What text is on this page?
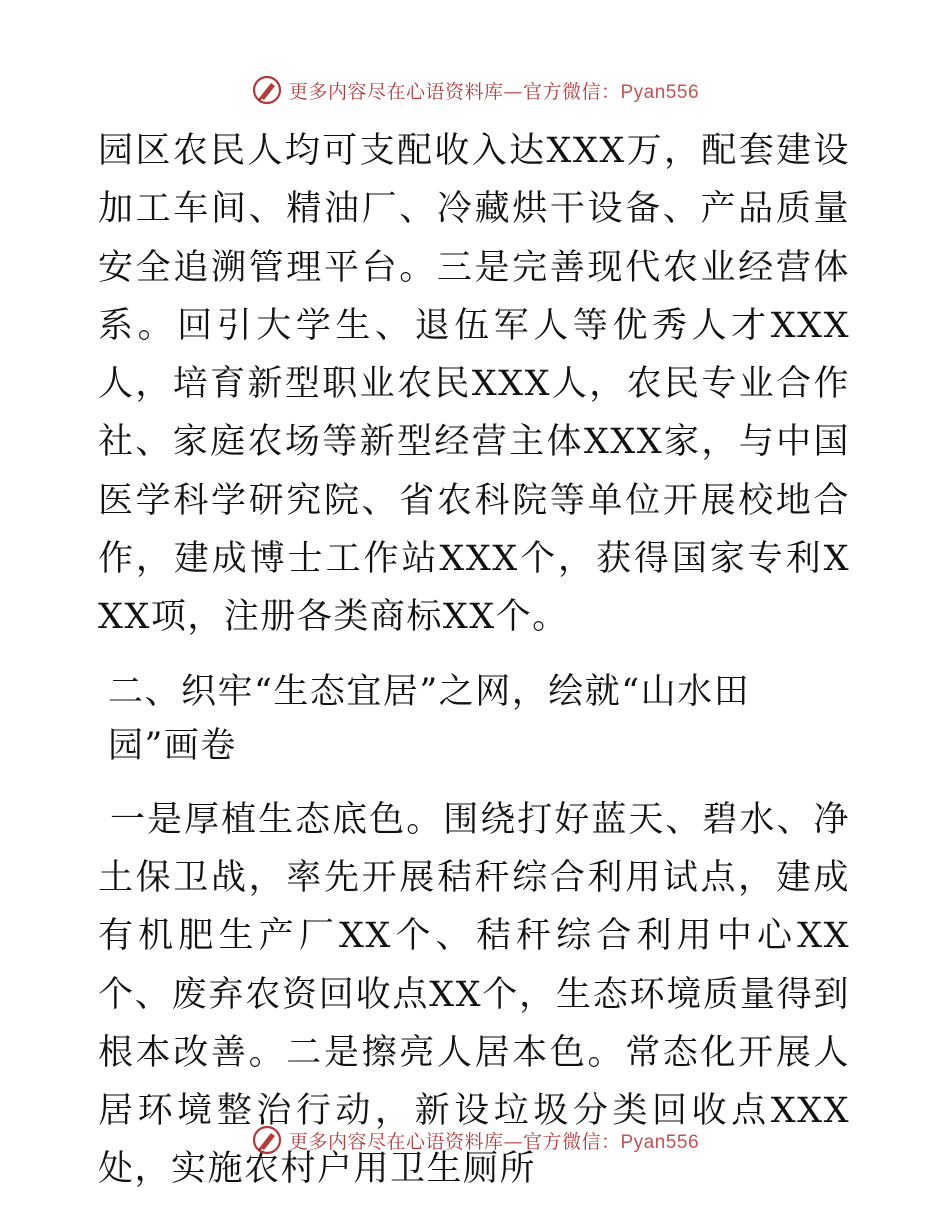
更多内容尽在心语资料库—官方微信：Pyan556

园区农民人均可支配收入达XXX万，配套建设加工车间、精油厂、冷藏烘干设备、产品质量安全追溯管理平台。三是完善现代农业经营体系。回引大学生、退伍军人等优秀人才XXX人，培育新型职业农民XXX人，农民专业合作社、家庭农场等新型经营主体XXX家，与中国医学科学研究院、省农科院等单位开展校地合作，建成博士工作站XXX个，获得国家专利XXX项，注册各类商标XX个。

二、织牢“生态宜居”之网，绘就“山水田园”画卷

一是厚植生态底色。围绕打好蓝天、碧水、净土保卫战，率先开展秸秆综合利用试点，建成有机肥生产厂XX个、秸秆综合利用中心XX个、废弃农资回收点XX个，生态环境质量得到根本改善。二是擦亮人居本色。常态化开展人居环境整治行动，新设垃圾分类回收点XXX处，实施农村户用卫生厕所

更多内容尽在心语资料库—官方微信：Pyan556
